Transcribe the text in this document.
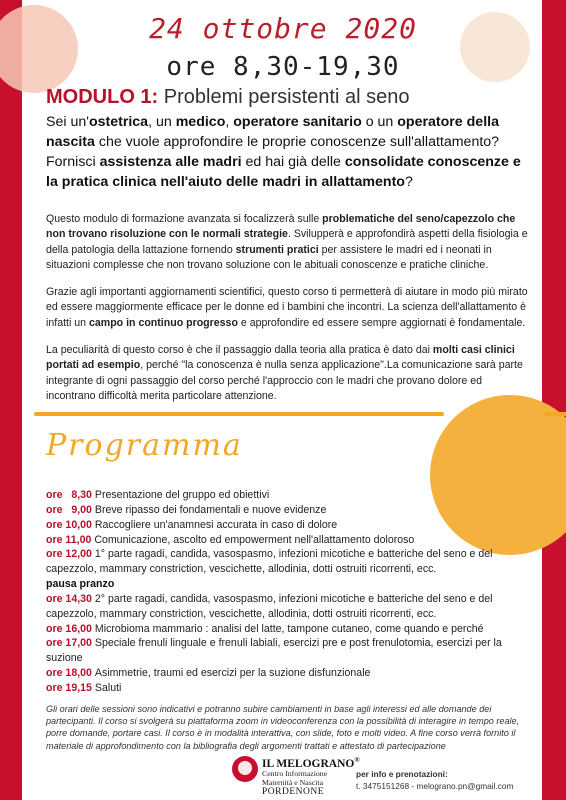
24 ottobre 2020
ore 8,30-19,30
MODULO 1: Problemi persistenti al seno
Sei un'ostetrica, un medico, operatore sanitario o un operatore della nascita che vuole approfondire le proprie conoscenze sull'allattamento? Fornisci assistenza alle madri ed hai già delle consolidate conoscenze e la pratica clinica nell'aiuto delle madri in allattamento?

Questo modulo di formazione avanzata si focalizzerà sulle problematiche del seno/capezzolo che non trovano risoluzione con le normali strategie. Svilupperà e approfondirà aspetti della fisiologia e della patologia della lattazione fornendo strumenti pratici per assistere le madri ed i neonati in situazioni complesse che non trovano soluzione con le abituali conoscenze e pratiche cliniche.

Grazie agli importanti aggiornamenti scientifici, questo corso ti permetterà di aiutare in modo più mirato ed essere maggiormente efficace per le donne ed i bambini che incontri. La scienza dell'allattamento è infatti un campo in continuo progresso e approfondire ed essere sempre aggiornati è fondamentale.

La peculiarità di questo corso è che il passaggio dalla teoria alla pratica è dato dai molti casi clinici portati ad esempio, perché "la conoscenza è nulla senza applicazione".La comunicazione sarà parte integrante di ogni passaggio del corso perché l'approccio con le madri che provano dolore ed incontrano difficoltà merita particolare attenzione.

Programma
ore   8,30 Presentazione del gruppo ed obiettivi
ore   9,00 Breve ripasso dei fondamentali e nuove evidenze
ore 10,00 Raccogliere un'anamnesi accurata in caso di dolore
ore 11,00 Comunicazione, ascolto ed empowerment nell'allattamento doloroso
ore 12,00 1° parte ragadi, candida, vasospasmo, infezioni micotiche e batteriche del seno e del capezzolo, mammary constriction, vescichette, allodinia, dotti ostruiti ricorrenti, ecc.
pausa pranzo
ore 14,30 2° parte ragadi, candida, vasospasmo, infezioni micotiche e batteriche del seno e del capezzolo, mammary constriction, vescichette, allodinia, dotti ostruiti ricorrenti, ecc.
ore 16,00 Microbioma mammario : analisi del latte, tampone cutaneo, come quando e perché
ore 17,00 Speciale frenuli linguale e frenuli labiali, esercizi pre e post frenulotomia, esercizi per la suzione
ore 18,00 Asimmetrie, traumi ed esercizi per la suzione disfunzionale
ore 19,15 Saluti
Gli orari delle sessioni sono indicativi e potranno subire cambiamenti in base agli interessi ed alle domande dei partecipanti. Il corso si svolgerà su piattaforma zoom in videoconferenza con la possibilità di interagire in tempo reale, porre domande, portare casi. Il corso è in modalità interattiva, con slide, foto e molti video. A fine corso verrà fornito il materiale di approfondimento con la bibliografia degli argomenti trattati e attestato di partecipazione
IL MELOGRANO®
Centro Informazione
Maternità e Nascita
PORDENONE
per info e prenotazioni:
t. 3475151268 - melograno.pn@gmail.com
